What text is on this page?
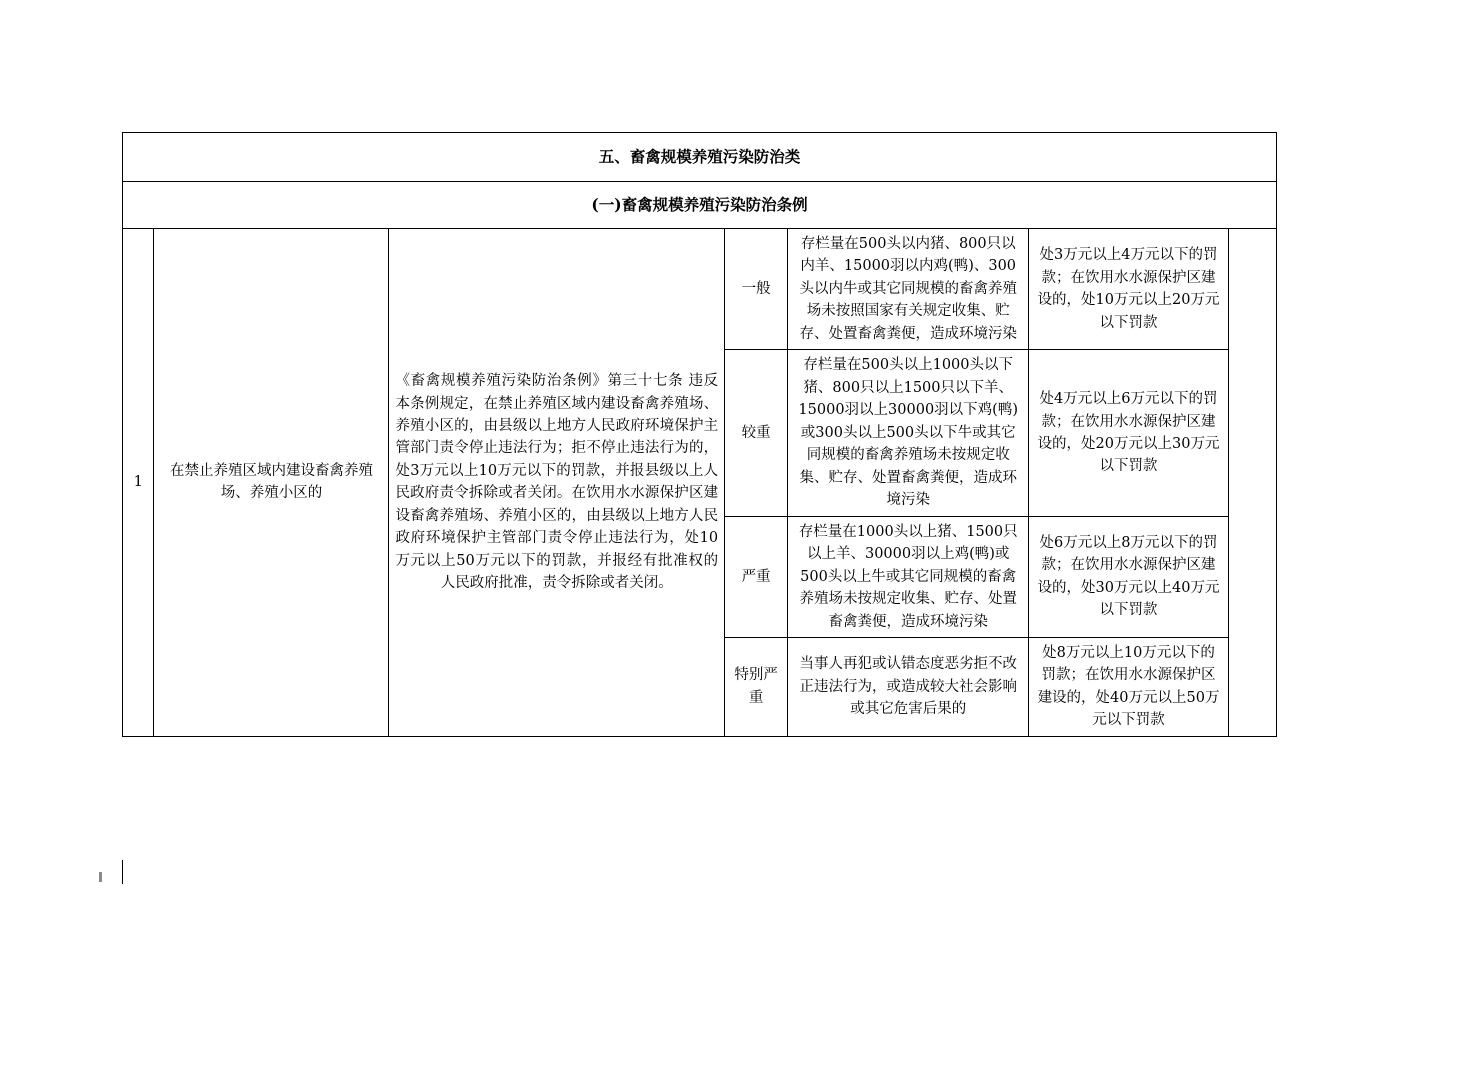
五、畜禽规模养殖污染防治类						
(一)畜禽规模养殖污染防治条例						
1	在禁止养殖区域内建设畜禽养殖场、养殖小区的	《畜禽规模养殖污染防治条例》第三十七条 违反本条例规定，在禁止养殖区域内建设畜禽养殖场、养殖小区的，由县级以上地方人民政府环境保护主管部门责令停止违法行为；拒不停止违法行为的，处3万元以上10万元以下的罚款，并报县级以上人民政府责令拆除或者关闭。在饮用水水源保护区建设畜禽养殖场、养殖小区的，由县级以上地方人民政府环境保护主管部门责令停止违法行为，处10万元以上50万元以下的罚款，并报经有批准权的人民政府批准，责令拆除或者关闭。	一般	存栏量在500头以内猪、800只以内羊、15000羽以内鸡(鸭)、300头以内牛或其它同规模的畜禽养殖场未按照国家有关规定收集、贮存、处置畜禽粪便，造成环境污染	处3万元以上4万元以下的罚款；在饮用水水源保护区建设的，处10万元以上20万元以下罚款	
			较重	存栏量在500头以上1000头以下猪、800只以上1500只以下羊、15000羽以上30000羽以下鸡(鸭)或300头以上500头以下牛或其它同规模的畜禽养殖场未按规定收集、贮存、处置畜禽粪便，造成环境污染	处4万元以上6万元以下的罚款；在饮用水水源保护区建设的，处20万元以上30万元以下罚款	
			严重	存栏量在1000头以上猪、1500只以上羊、30000羽以上鸡(鸭)或500头以上牛或其它同规模的畜禽养殖场未按规定收集、贮存、处置畜禽粪便，造成环境污染	处6万元以上8万元以下的罚款；在饮用水水源保护区建设的，处30万元以上40万元以下罚款	
			特别严重	当事人再犯或认错态度恶劣拒不改正违法行为，或造成较大社会影响或其它危害后果的	处8万元以上10万元以下的罚款；在饮用水水源保护区建设的，处40万元以上50万元以下罚款	
